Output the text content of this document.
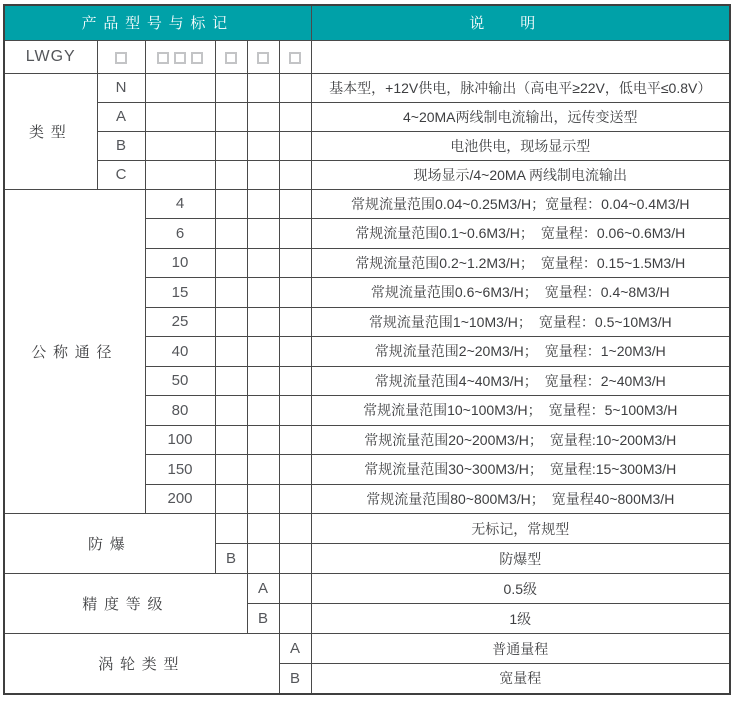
产品型号与标记						说明
LWGY		

类型	N					基本型，+12V供电，脉冲输出（高电平≥22V，低电平≤0.8V）
	A					4~20MA两线制电流输出，远传变送型
	B					电池供电，现场显示型
	C					现场显示/4~20MA 两线制电流输出
公称通径		4				常规流量范围0.04~0.25M3/H；宽量程：0.04~0.4M3/H
		6				常规流量范围0.1~0.6M3/H；　宽量程：0.06~0.6M3/H
		10				常规流量范围0.2~1.2M3/H；　宽量程：0.15~1.5M3/H
		15				常规流量范围0.6~6M3/H；　宽量程：0.4~8M3/H
		25				常规流量范围1~10M3/H；　宽量程：0.5~10M3/H
		40				常规流量范围2~20M3/H；　宽量程：1~20M3/H
		50				常规流量范围4~40M3/H；　宽量程：2~40M3/H
		80				常规流量范围10~100M3/H；　宽量程：5~100M3/H
		100				常规流量范围20~200M3/H；　宽量程:10~200M3/H
		150				常规流量范围30~300M3/H；　宽量程:15~300M3/H
		200				常规流量范围80~800M3/H；　宽量程40~800M3/H
防爆						无标记，常规型
			B			防爆型
精度等级				A		0.5级
				B		1级
涡轮类型					A	普通量程
					B	宽量程
